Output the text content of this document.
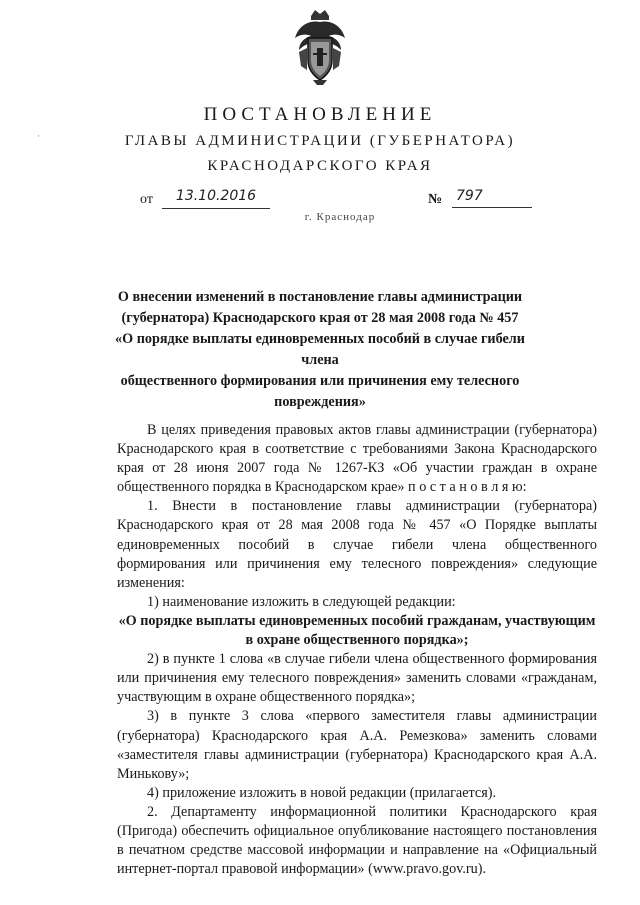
·
ПОСТАНОВЛЕНИЕ
ГЛАВЫ АДМИНИСТРАЦИИ (ГУБЕРНАТОРА)
КРАСНОДАРСКОГО КРАЯ
от	13.10.2016	№ 797
г. Краснодар

О внесении изменений в постановление главы администрации

(губернатора) Краснодарского края от 28 мая 2008 года № 457

«О порядке выплаты единовременных пособий в случае гибели члена

общественного формирования или причинения ему телесного

повреждения»

В целях приведения правовых актов главы администрации (губернатора) Краснодарского края в соответствие с требованиями Закона Краснодарского края от 28 июня 2007 года № 1267-КЗ «Об участии граждан в охране общественного порядка в Краснодарском крае» п о с т а н о в л я ю:

1. Внести в постановление главы администрации (губернатора) Краснодарского края от 28 мая 2008 года № 457 «О Порядке выплаты единовременных пособий в случае гибели члена общественного формирования или причинения ему телесного повреждения» следующие изменения:

1) наименование изложить в следующей редакции:

«О порядке выплаты единовременных пособий гражданам, участвующим в охране общественного порядка»;

2) в пункте 1 слова «в случае гибели члена общественного формирования или причинения ему телесного повреждения» заменить словами «гражданам, участвующим в охране общественного порядка»;

3) в пункте 3 слова «первого заместителя главы администрации (губернатора) Краснодарского края А.А. Ремезкова» заменить словами «заместителя главы администрации (губернатора) Краснодарского края А.А. Минькову»;

4) приложение изложить в новой редакции (прилагается).

2. Департаменту информационной политики Краснодарского края (Пригода) обеспечить официальное опубликование настоящего постановления в печатном средстве массовой информации и направление на «Официальный интернет-портал правовой информации» (www.pravo.gov.ru).
